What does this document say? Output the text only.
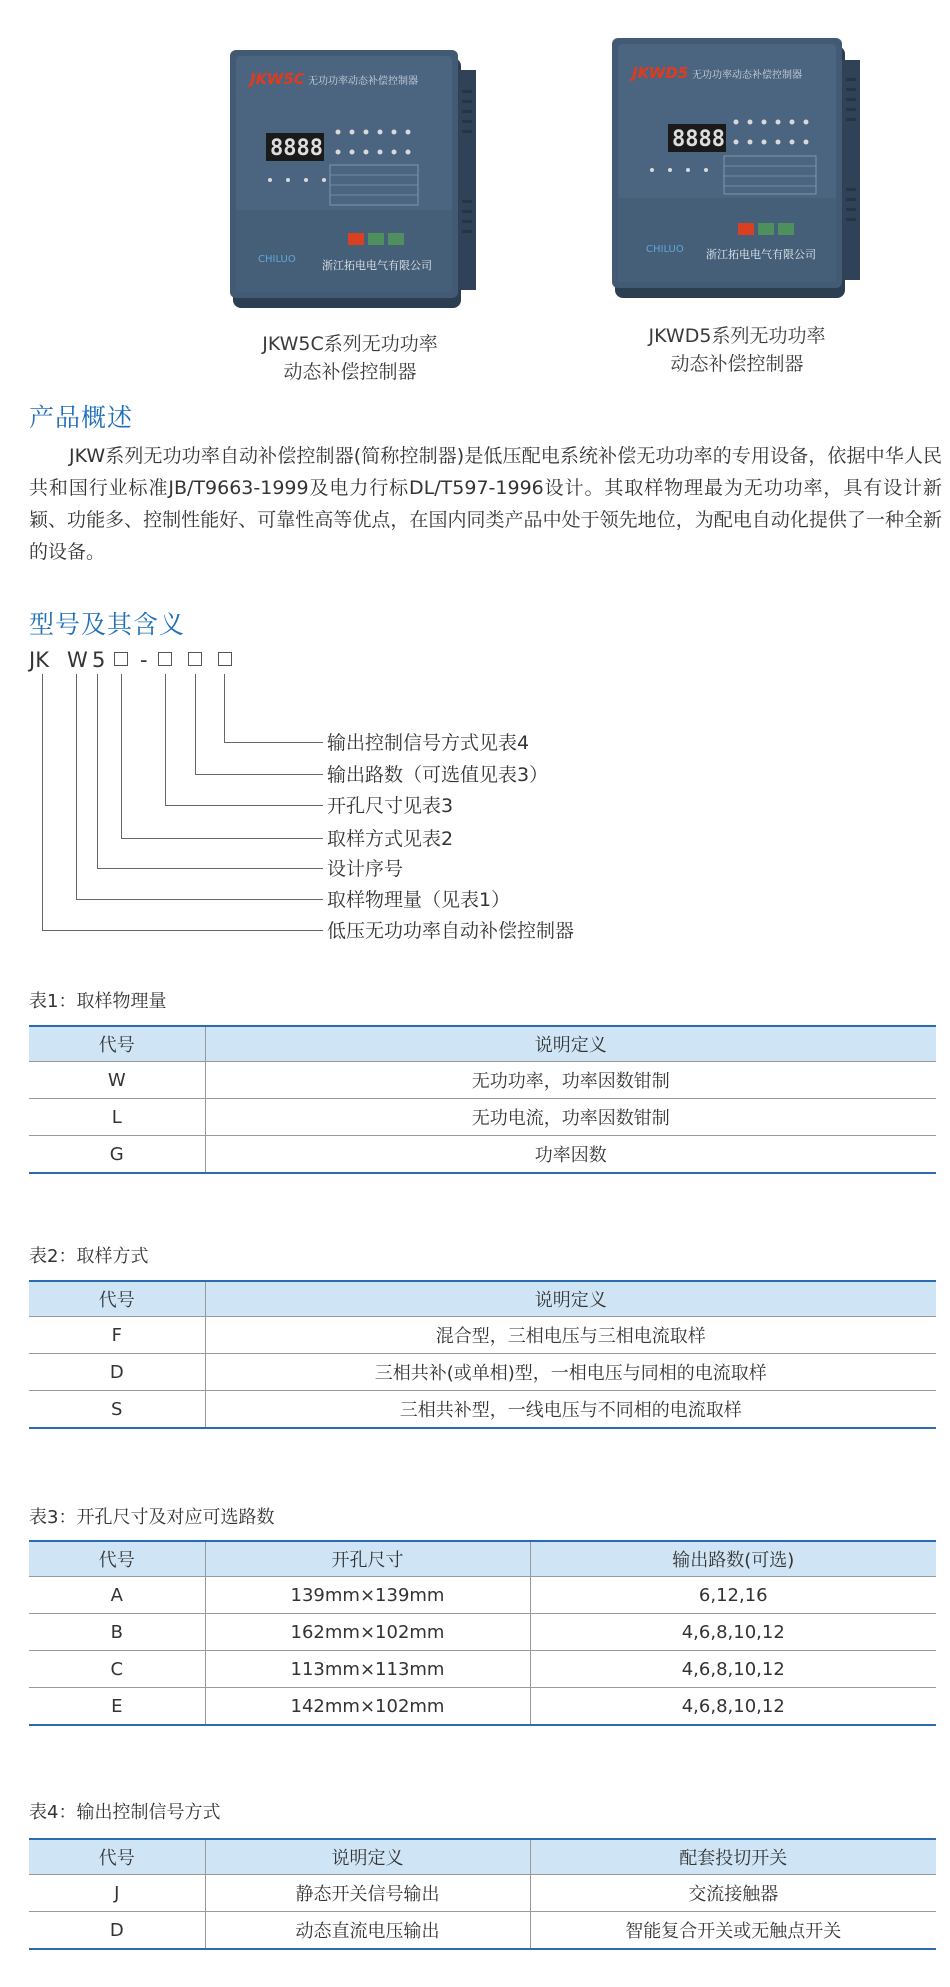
8888
CHILUO
JKW5C 无功功率动态补偿控制器
浙江拓电电气有限公司
JKW5C系列无功功率
动态补偿控制器
8888
CHILUO
JKWD5 无功功率动态补偿控制器
浙江拓电电气有限公司
JKWD5系列无功功率
动态补偿控制器
产品概述
JKW系列无功功率自动补偿控制器(简称控制器)是低压配电系统补偿无功功率的专用设备，依据中华人民共和国行业标准JB/T9663-1999及电力行标DL/T597-1996设计。其取样物理最为无功功率，具有设计新颖、功能多、控制性能好、可靠性高等优点，在国内同类产品中处于领先地位，为配电自动化提供了一种全新的设备。
型号及其含义
JK W 5 -
输出控制信号方式见表4
输出路数（可选值见表3）
开孔尺寸见表3
取样方式见表2
设计序号
取样物理量（见表1）
低压无功功率自动补偿控制器
表1：取样物理量
代号	说明定义
W	无功功率，功率因数钳制
L	无功电流，功率因数钳制
G	功率因数
表2：取样方式
代号	说明定义
F	混合型，三相电压与三相电流取样
D	三相共补(或单相)型，一相电压与同相的电流取样
S	三相共补型，一线电压与不同相的电流取样
表3：开孔尺寸及对应可选路数
代号	开孔尺寸	输出路数(可选)
A	139mm×139mm	6,12,16
B	162mm×102mm	4,6,8,10,12
C	113mm×113mm	4,6,8,10,12
E	142mm×102mm	4,6,8,10,12
表4：输出控制信号方式
代号	说明定义	配套投切开关
J	静态开关信号输出	交流接触器
D	动态直流电压输出	智能复合开关或无触点开关
